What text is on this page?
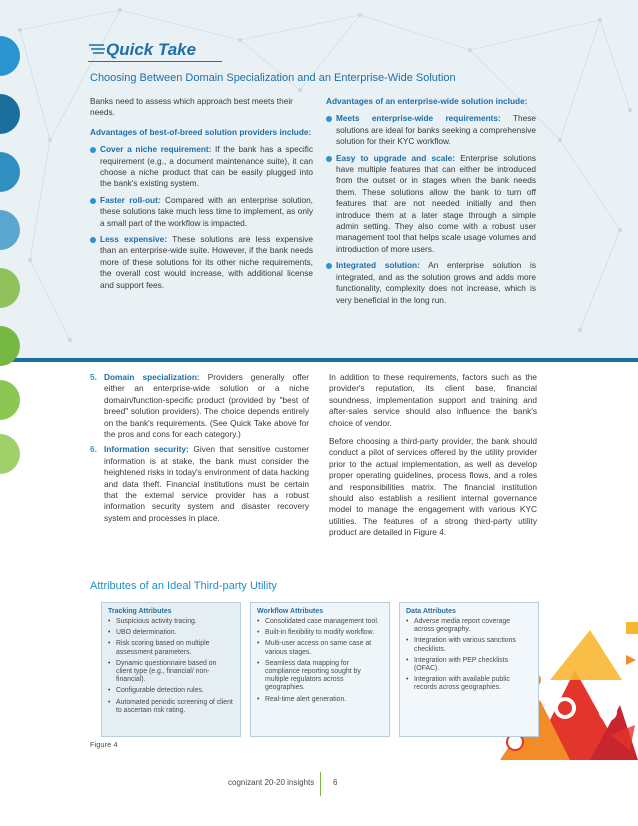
Quick Take
Choosing Between Domain Specialization and an Enterprise-Wide Solution

Banks need to assess which approach best meets their needs.

Advantages of best-of-breed solution providers include:

Cover a niche requirement: If the bank has a specific requirement (e.g., a document maintenance suite), it can choose a niche product that can be easily plugged into the bank's existing system.
Faster roll-out: Compared with an enterprise solution, these solutions take much less time to implement, as only a small part of the workflow is impacted.
Less expensive: These solutions are less expensive than an enterprise-wide suite. However, if the bank needs more of these solutions for its other niche requirements, the overall cost would increase, with additional license and support fees.

Advantages of an enterprise-wide solution include:

Meets enterprise-wide requirements: These solutions are ideal for banks seeking a comprehensive solution for their KYC workflow.
Easy to upgrade and scale: Enterprise solutions have multiple features that can either be introduced from the outset or in stages when the bank needs them. These solutions allow the bank to turn off features that are not needed initially and then introduce them at a later stage through a simple admin setting. They also come with a robust user management tool that helps scale usage volumes and introduction of more users.
Integrated solution: An enterprise solution is integrated, and as the solution grows and adds more functionality, complexity does not increase, which is very beneficial in the long run.
5. Domain specialization: Providers generally offer either an enterprise-wide solution or a niche domain/function-specific product (provided by "best of breed" solution providers). The choice depends entirely on the bank's requirements. (See Quick Take above for the pros and cons for each category.)
6. Information security: Given that sensitive customer information is at stake, the bank must consider the heightened risks in today's environment of data hacking and data theft. Financial institutions must be certain that the external service provider has a robust information security system and disaster recovery system and processes in place.

In addition to these requirements, factors such as the provider's reputation, its client base, financial soundness, implementation support and training and after-sales service should also influence the bank's choice of vendor.

Before choosing a third-party provider, the bank should conduct a pilot of services offered by the utility provider prior to the actual implementation, as well as develop proper operating guidelines, process flows, and a roles and responsibilities matrix. The financial institution should also establish a resilient internal governance model to manage the engagement with various KYC utilities. The features of a strong third-party utility product are detailed in Figure 4.

Attributes of an Ideal Third-party Utility
Tracking Attributes
• Suspicious activity tracing.
• UBO determination.
• Risk scoring based on multiple assessment parameters.
• Dynamic questionnaire based on client type (e.g., financial/ non-financial).
• Configurable detection rules.
• Automated periodic screening of client to ascertain risk rating.
Workflow Attributes
• Consolidated case management tool.
• Built-in flexibility to modify workflow.
• Multi-user access on same case at various stages.
• Seamless data mapping for compliance reporting sought by multiple regulators across geographies.
• Real-time alert generation.
Data Attributes
• Adverse media report coverage across geography.
• Integration with various sanctions checklists.
• Integration with PEP checklists (OFAC).
• Integration with available public records across geographies.
Figure 4
cognizant 20-20 insights 6
